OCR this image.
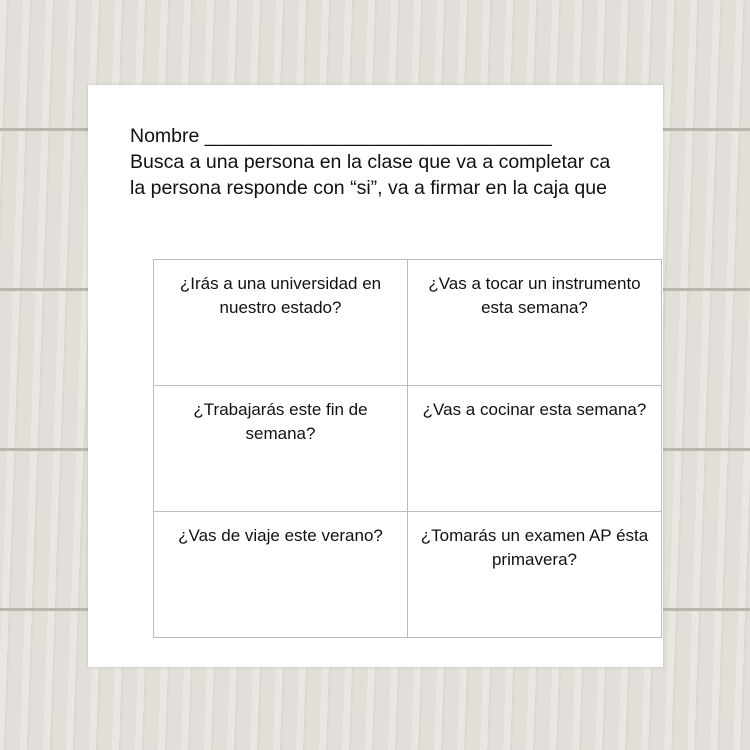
Nombre ________________________________
Busca a una persona en la clase que va a completar ca
la persona responde con “si”, va a firmar en la caja que
¿Irás a una universidad en nuestro estado?	¿Vas a tocar un instrumento esta semana?
¿Trabajarás este fin de semana?	¿Vas a cocinar esta semana?
¿Vas de viaje este verano?	¿Tomarás un examen AP ésta primavera?
